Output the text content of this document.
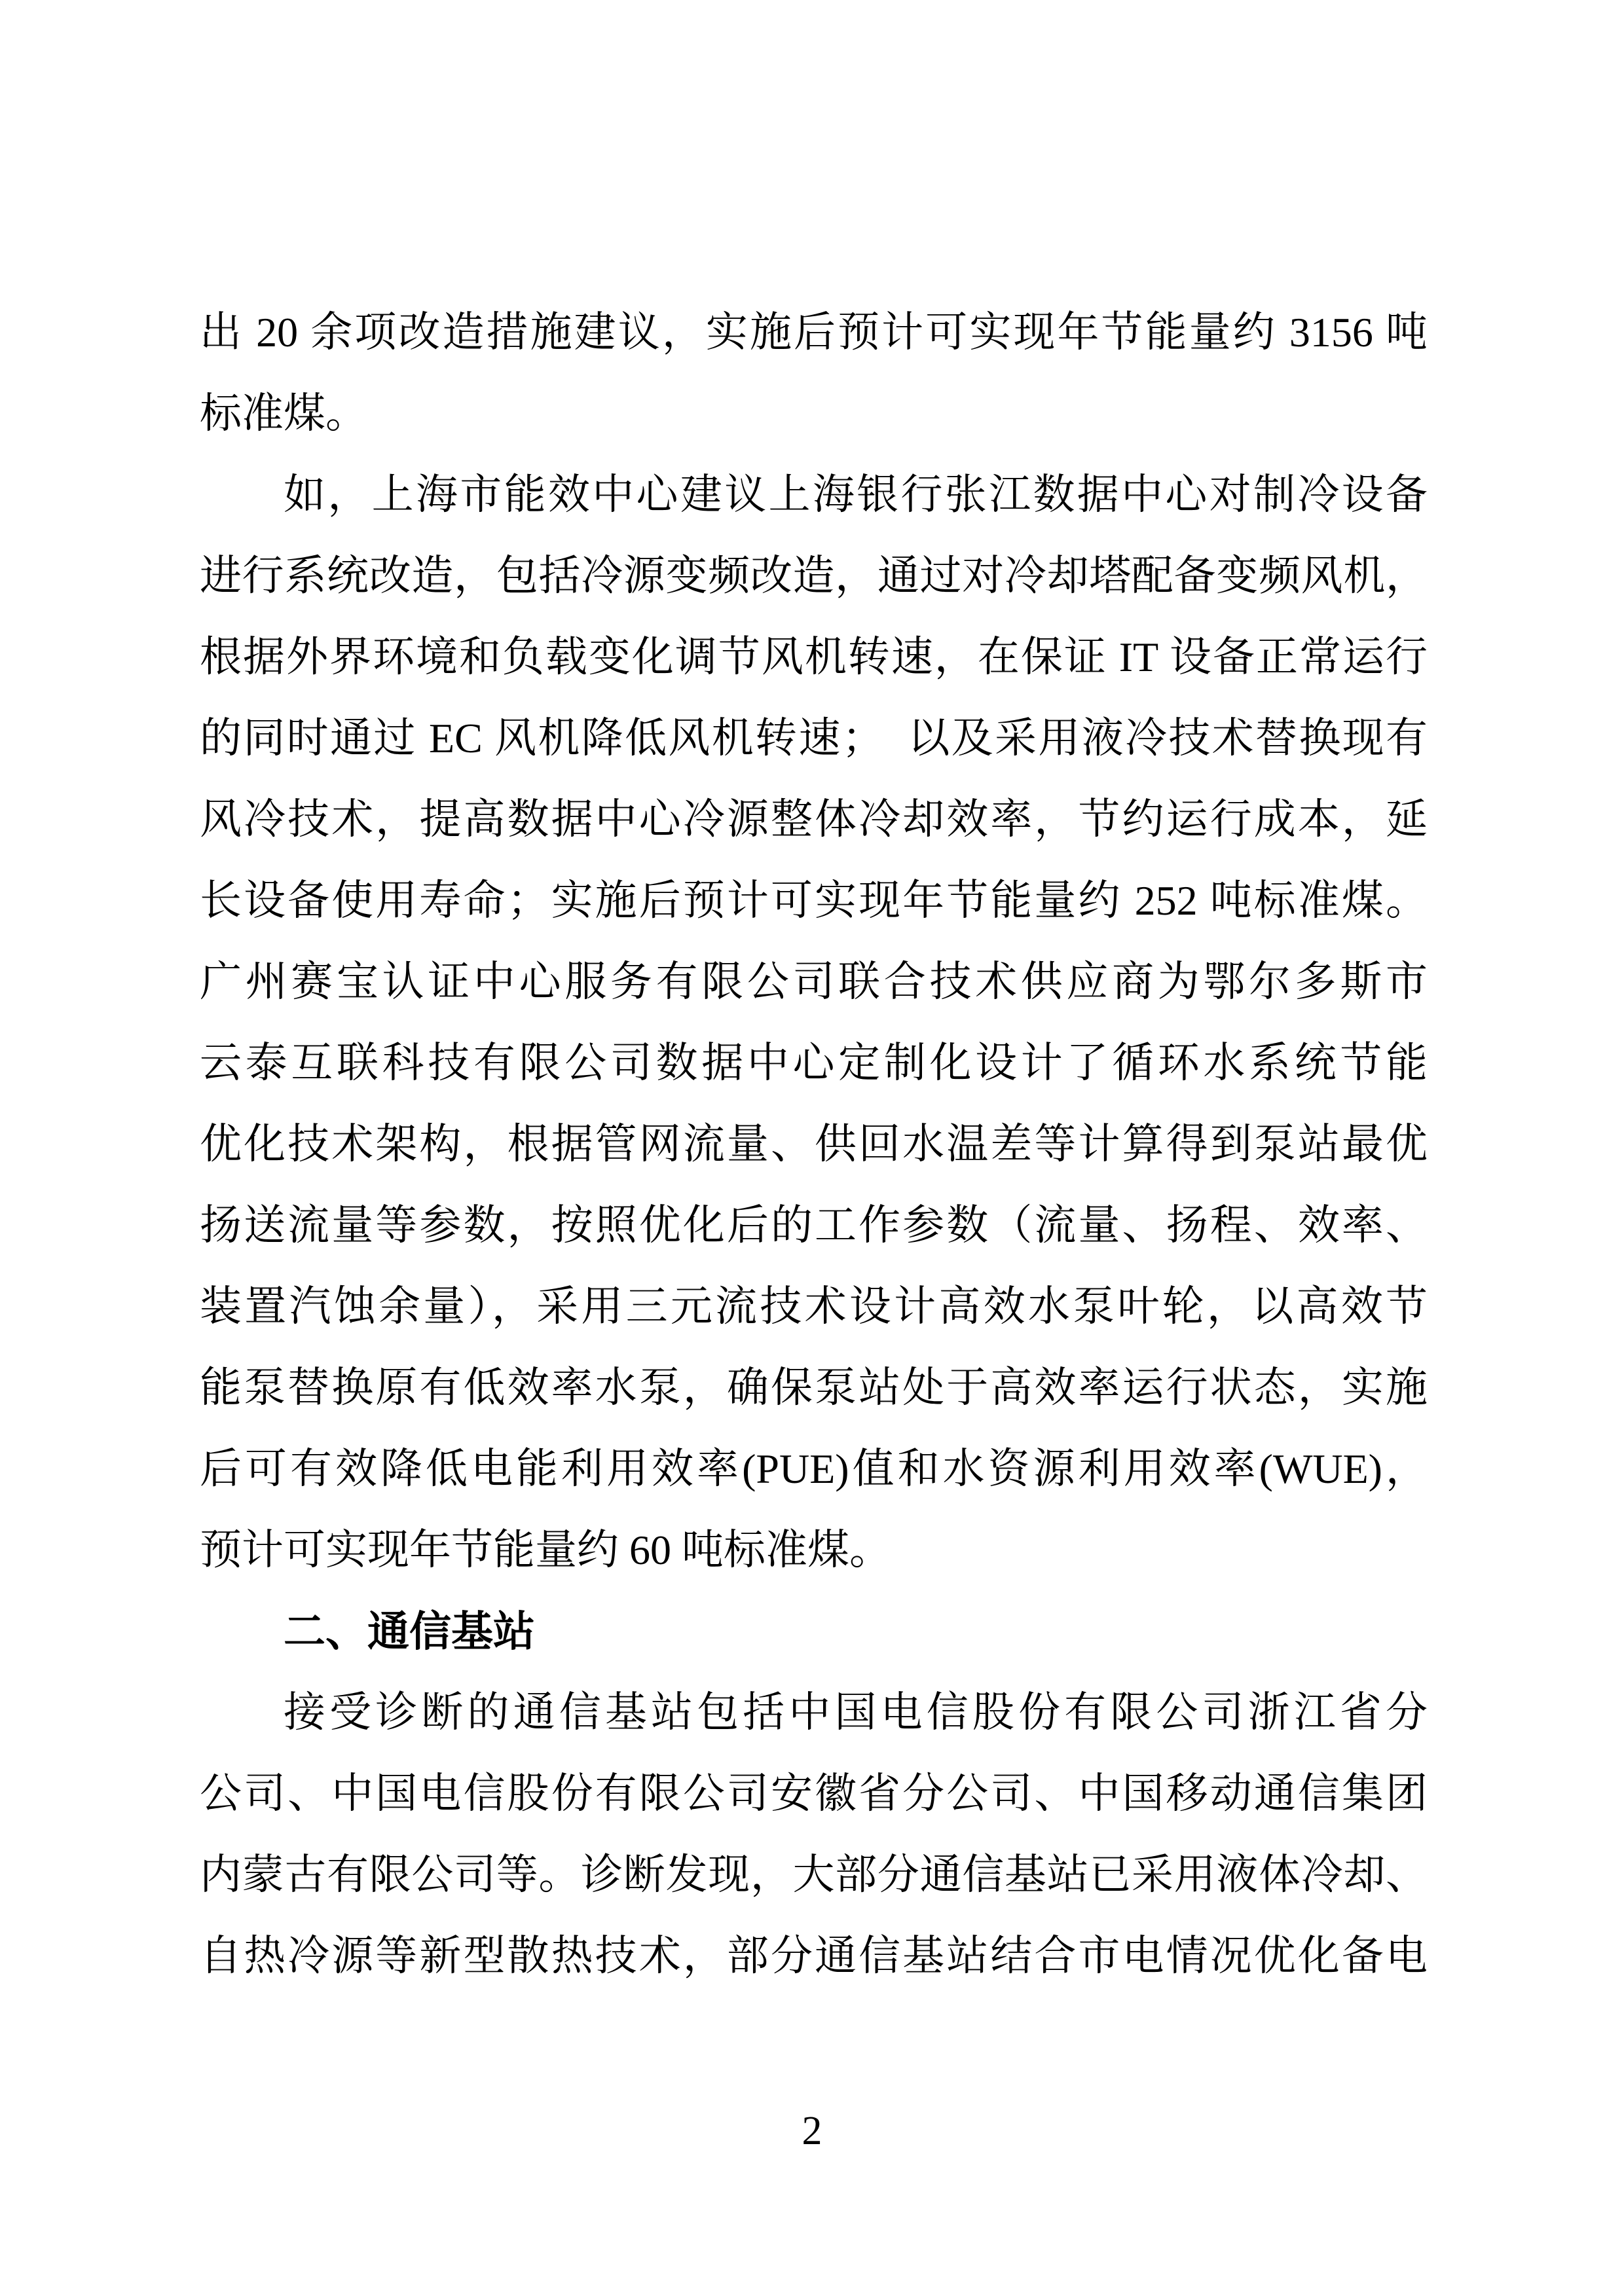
出 20 余项改造措施建议，实施后预计可实现年节能量约 3156 吨
标准煤。
如，上海市能效中心建议上海银行张江数据中心对制冷设备
进行系统改造，包括冷源变频改造，通过对冷却塔配备变频风机，
根据外界环境和负载变化调节风机转速，在保证 IT 设备正常运行
的同时通过 EC 风机降低风机转速；　以及采用液冷技术替换现有
风冷技术，提高数据中心冷源整体冷却效率，节约运行成本，延
长设备使用寿命；实施后预计可实现年节能量约 252 吨标准煤。
广州赛宝认证中心服务有限公司联合技术供应商为鄂尔多斯市
云泰互联科技有限公司数据中心定制化设计了循环水系统节能
优化技术架构，根据管网流量、供回水温差等计算得到泵站最优
扬送流量等参数，按照优化后的工作参数（流量、扬程、效率、
装置汽蚀余量），采用三元流技术设计高效水泵叶轮，以高效节
能泵替换原有低效率水泵，确保泵站处于高效率运行状态，实施
后可有效降低电能利用效率(PUE)值和水资源利用效率(WUE)，
预计可实现年节能量约 60 吨标准煤。
二、通信基站
接受诊断的通信基站包括中国电信股份有限公司浙江省分
公司、中国电信股份有限公司安徽省分公司、中国移动通信集团
内蒙古有限公司等。诊断发现，大部分通信基站已采用液体冷却、
自热冷源等新型散热技术，部分通信基站结合市电情况优化备电
2
